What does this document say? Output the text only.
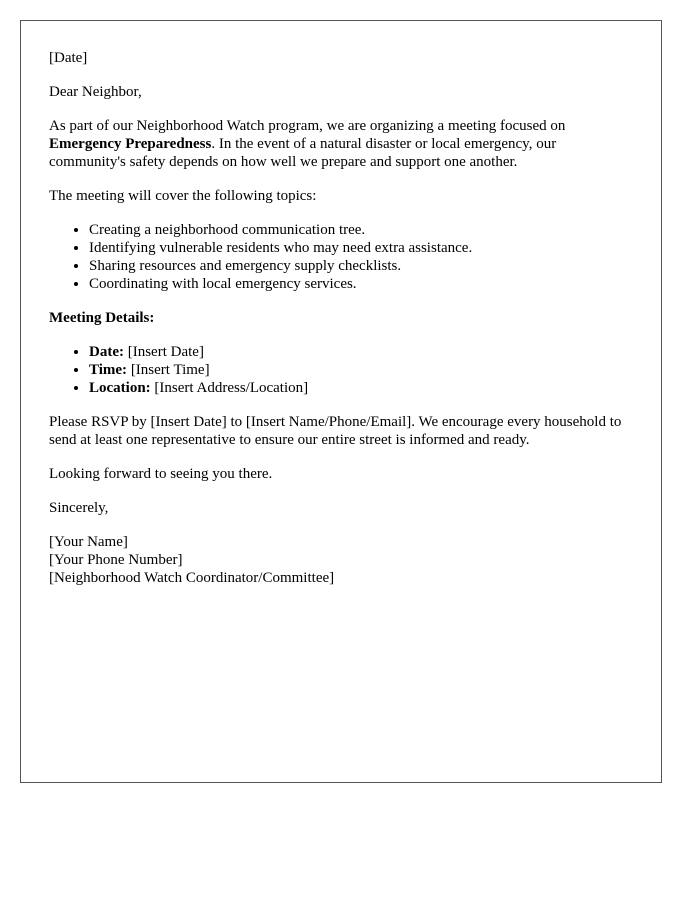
[Date]

Dear Neighbor,

As part of our Neighborhood Watch program, we are organizing a meeting focused on Emergency Preparedness. In the event of a natural disaster or local emergency, our community's safety depends on how well we prepare and support one another.

The meeting will cover the following topics:

• Creating a neighborhood communication tree.
• Identifying vulnerable residents who may need extra assistance.
• Sharing resources and emergency supply checklists.
• Coordinating with local emergency services.

Meeting Details:

• Date: [Insert Date]
• Time: [Insert Time]
• Location: [Insert Address/Location]

Please RSVP by [Insert Date] to [Insert Name/Phone/Email]. We encourage every household to send at least one representative to ensure our entire street is informed and ready.

Looking forward to seeing you there.

Sincerely,

[Your Name]
[Your Phone Number]
[Neighborhood Watch Coordinator/Committee]
